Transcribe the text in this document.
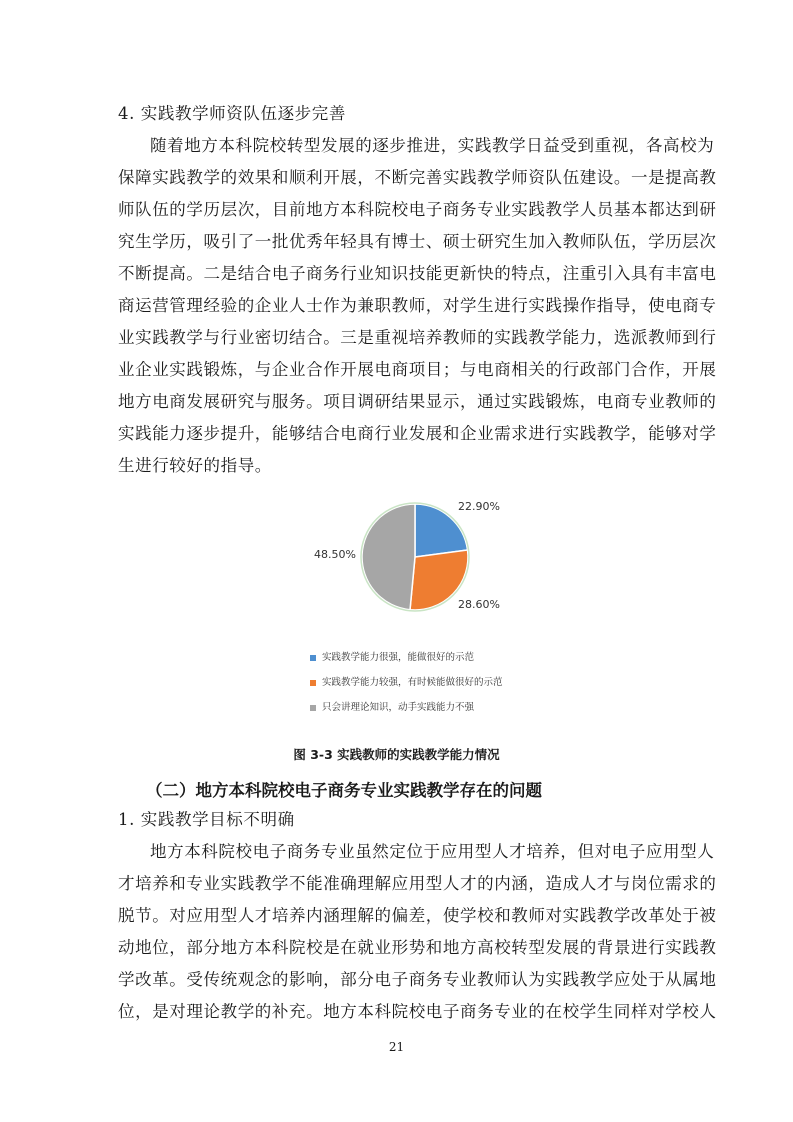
4. 实践教学师资队伍逐步完善
随着地方本科院校转型发展的逐步推进，实践教学日益受到重视，各高校为
保障实践教学的效果和顺利开展，不断完善实践教学师资队伍建设。一是提高教
师队伍的学历层次，目前地方本科院校电子商务专业实践教学人员基本都达到研
究生学历，吸引了一批优秀年轻具有博士、硕士研究生加入教师队伍，学历层次
不断提高。二是结合电子商务行业知识技能更新快的特点，注重引入具有丰富电
商运营管理经验的企业人士作为兼职教师，对学生进行实践操作指导，使电商专
业实践教学与行业密切结合。三是重视培养教师的实践教学能力，选派教师到行
业企业实践锻炼，与企业合作开展电商项目；与电商相关的行政部门合作，开展
地方电商发展研究与服务。项目调研结果显示，通过实践锻炼，电商专业教师的
实践能力逐步提升，能够结合电商行业发展和企业需求进行实践教学，能够对学
生进行较好的指导。
22.90%
28.60%
48.50%
实践教学能力很强，能做很好的示范
实践教学能力较强，有时候能做很好的示范
只会讲理论知识，动手实践能力不强
图 3-3 实践教师的实践教学能力情况
（二）地方本科院校电子商务专业实践教学存在的问题
1. 实践教学目标不明确
地方本科院校电子商务专业虽然定位于应用型人才培养，但对电子应用型人
才培养和专业实践教学不能准确理解应用型人才的内涵，造成人才与岗位需求的
脱节。对应用型人才培养内涵理解的偏差，使学校和教师对实践教学改革处于被
动地位，部分地方本科院校是在就业形势和地方高校转型发展的背景进行实践教
学改革。受传统观念的影响，部分电子商务专业教师认为实践教学应处于从属地
位，是对理论教学的补充。地方本科院校电子商务专业的在校学生同样对学校人
21
